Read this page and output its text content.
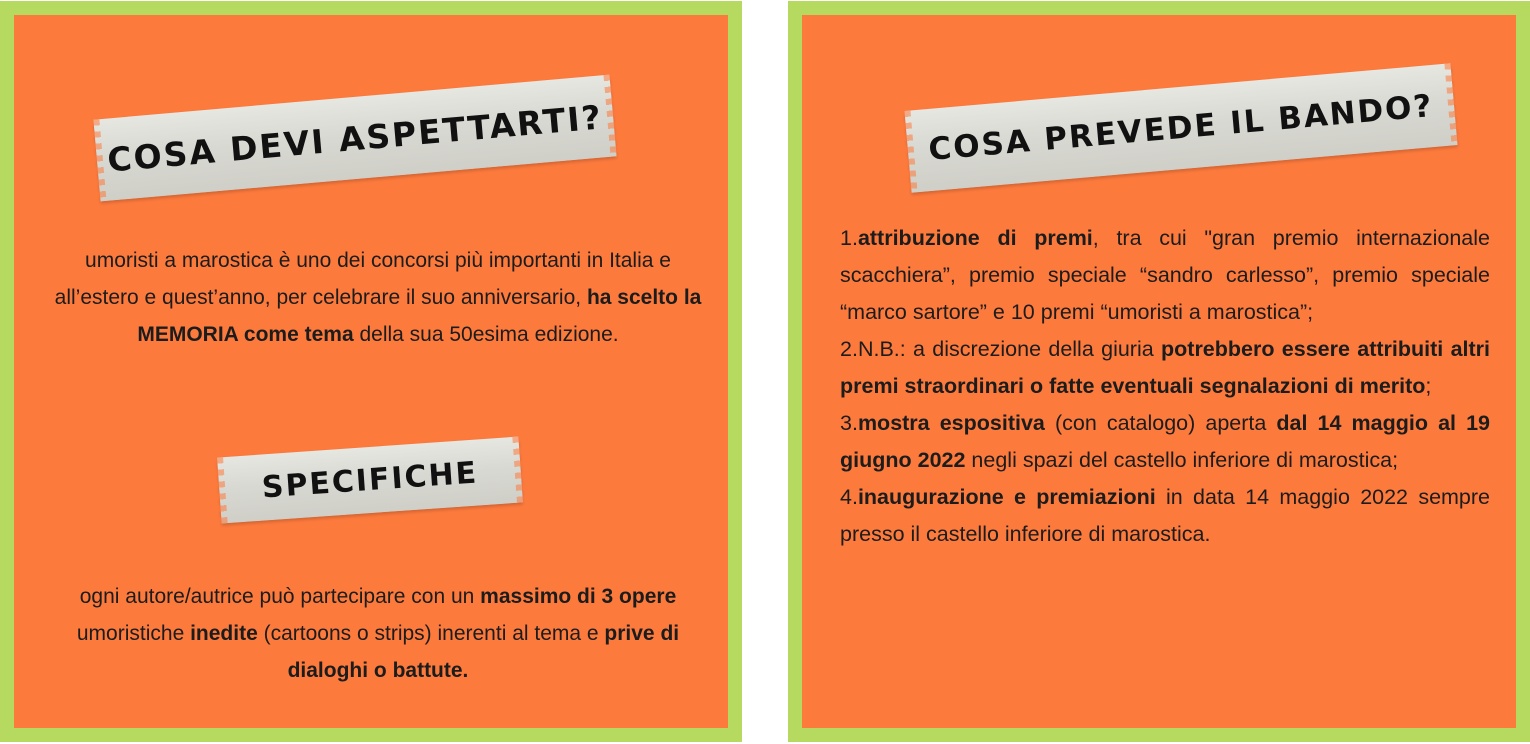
COSA DEVI ASPETTARTI?
umoristi a marostica è uno dei concorsi più importanti in Italia e all’estero e quest’anno, per celebrare il suo anniversario, ha scelto la MEMORIA come tema della sua 50esima edizione.
SPECIFICHE
ogni autore/autrice può partecipare con un massimo di 3 opere umoristiche inedite (cartoons o strips) inerenti al tema e prive di dialoghi o battute.
COSA PREVEDE IL BANDO?
1.attribuzione di premi, tra cui "gran premio internazionale scacchiera”, premio speciale “sandro carlesso”, premio speciale “marco sartore” e 10 premi “umoristi a marostica”;
2.N.B.: a discrezione della giuria potrebbero essere attribuiti altri premi straordinari o fatte eventuali segnalazioni di merito;
3.mostra espositiva (con catalogo) aperta dal 14 maggio al 19 giugno 2022 negli spazi del castello inferiore di marostica;
4.inaugurazione e premiazioni in data 14 maggio 2022 sempre presso il castello inferiore di marostica.
